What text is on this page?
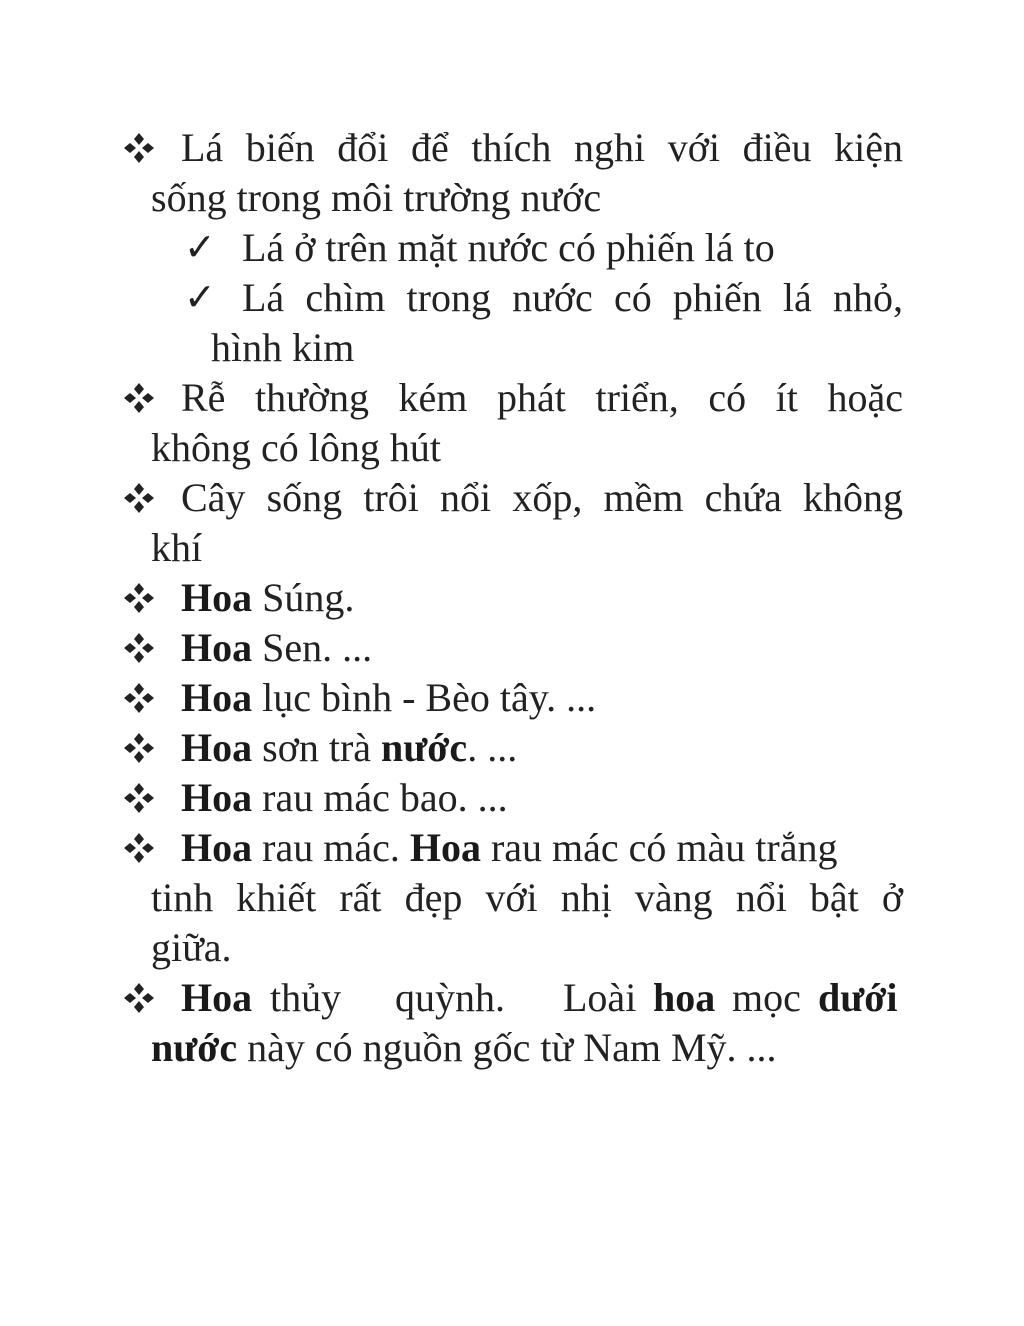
Lá biến đổi để thích nghi với điều kiện
sống trong môi trường nước
✓ Lá ở trên mặt nước có phiến lá to
✓ Lá chìm trong nước có phiến lá nhỏ,
hình kim
Rễ thường kém phát triển, có ít hoặc
không có lông hút
Cây sống trôi nổi xốp, mềm chứa không
khí
Hoa Súng.
Hoa Sen. ...
Hoa lục bình - Bèo tây. ...
Hoa sơn trà nước. ...
Hoa rau mác bao. ...
Hoa rau mác. Hoa rau mác có màu trắng
tinh khiết rất đẹp với nhị vàng nổi bật ở
giữa.
Hoa thủy quỳnh. Loài hoa mọc dưới
nước này có nguồn gốc từ Nam Mỹ. ...
